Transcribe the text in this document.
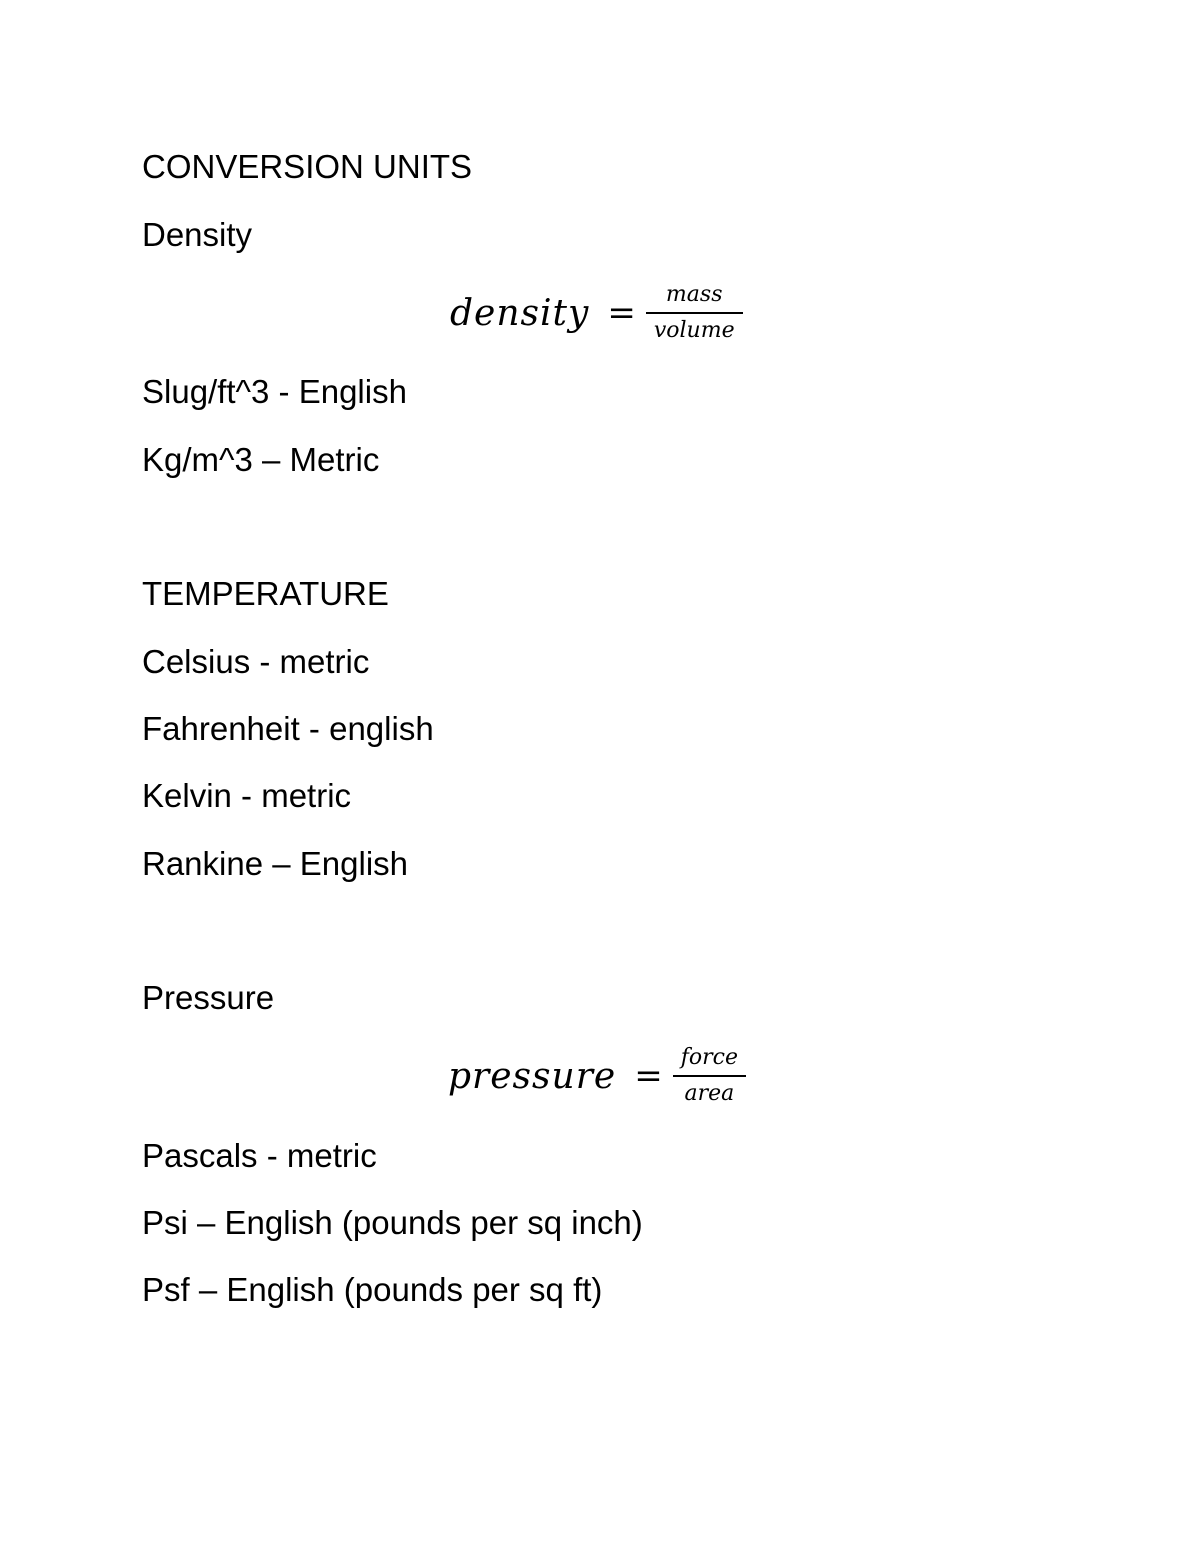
CONVERSION UNITS
Density
density = $\frac{\text{mass}}{\text{volume}}$
Slug/ft^3 - English
Kg/m^3 – Metric
TEMPERATURE
Celsius - metric
Fahrenheit - english
Kelvin - metric
Rankine – English
Pressure
pressure = $\frac{\text{force}}{\text{area}}$
Pascals - metric
Psi – English (pounds per sq inch)
Psf – English (pounds per sq ft)
